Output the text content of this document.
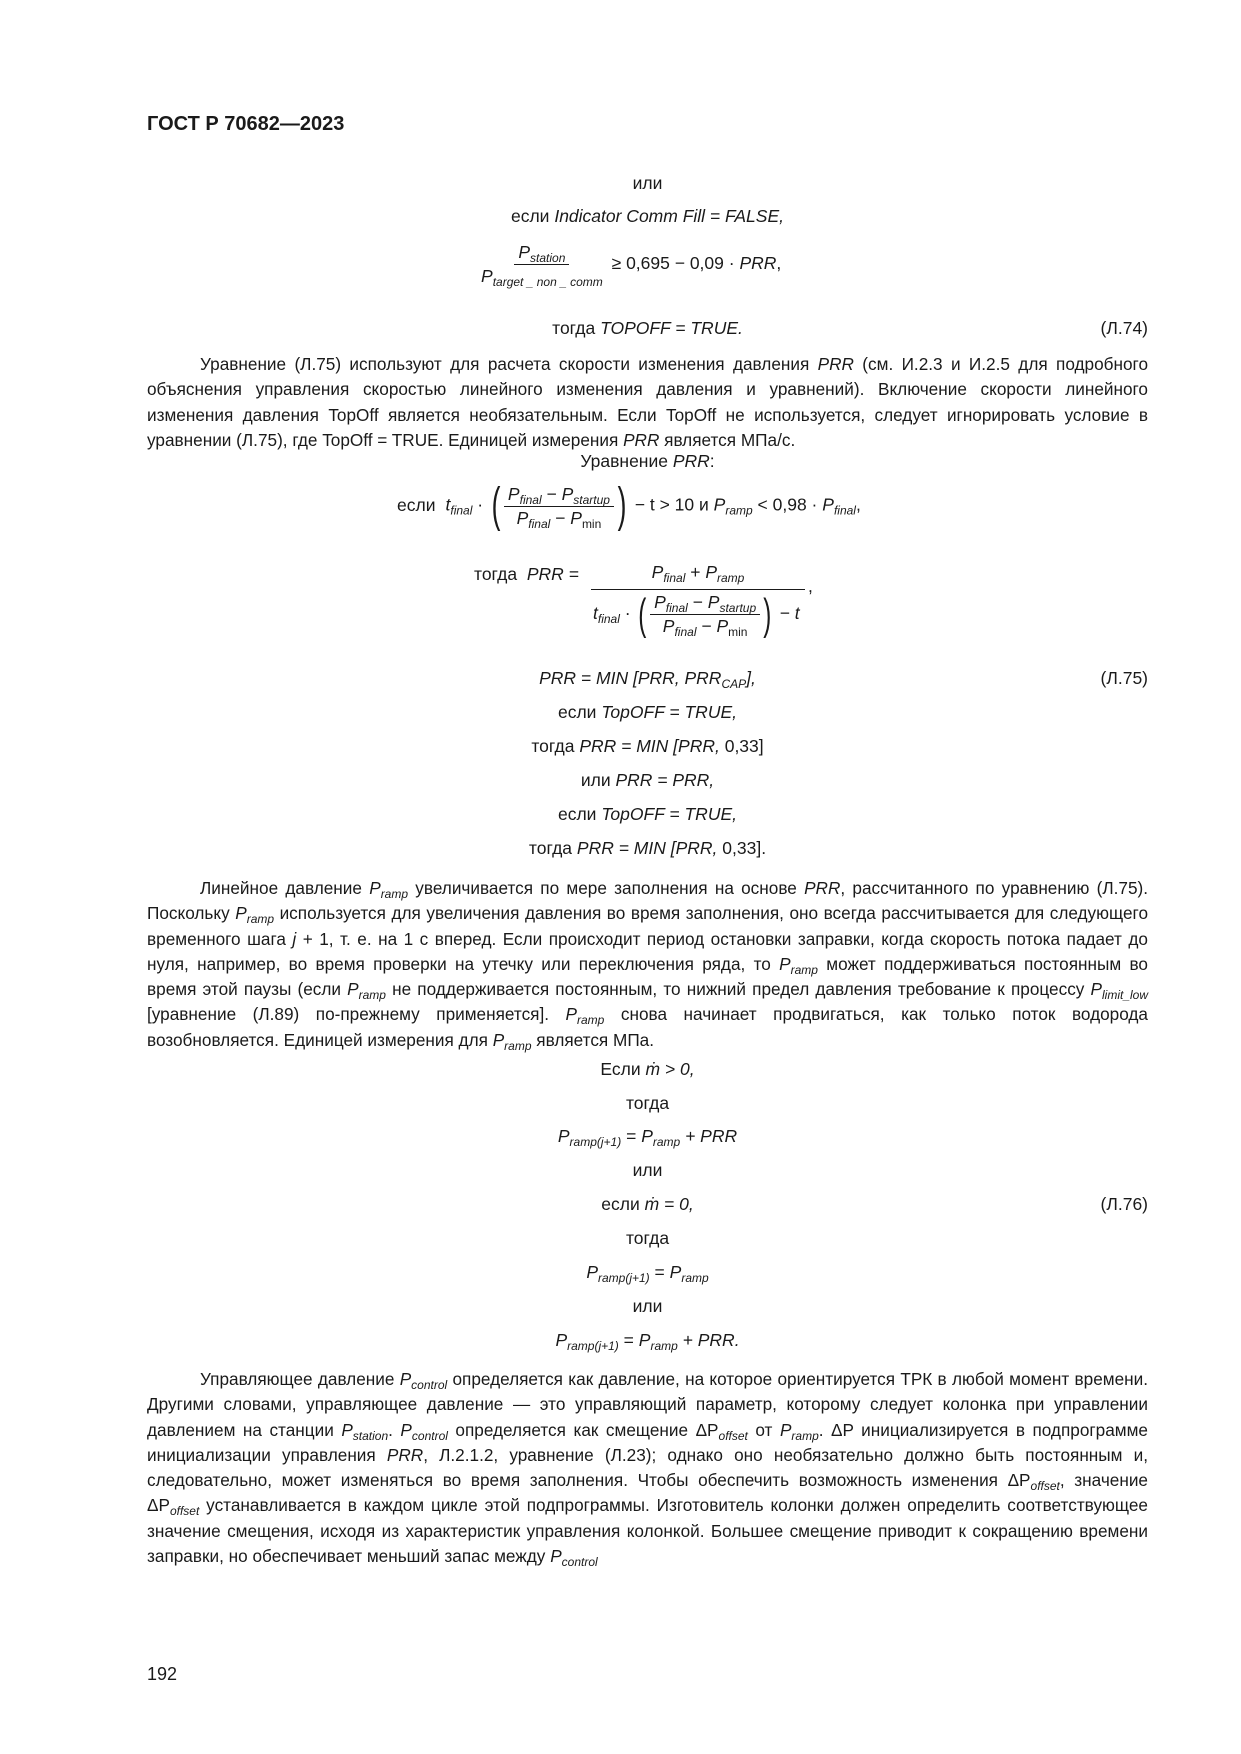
ГОСТ Р 70682—2023
или
если Indicator Comm Fill = FALSE,
$\frac{P_{station}}{P_{target \_ non \_ comm}} \ge 0,695 - 0,09$ · PRR,
тогда TOPOFF = TRUE.	(Л.74)
Уравнение (Л.75) используют для расчета скорости изменения давления PRR (см. И.2.3 и И.2.5 для подробного объяснения управления скоростью линейного изменения давления и уравнений). Включение скорости линейного изменения давления TopOff является необязательным. Если TopOff не используется, следует игнорировать условие в уравнении (Л.75), где TopOff = TRUE. Единицей измерения PRR является МПа/с.
Уравнение PRR:
если $t_{final}$ · ( $\frac{P_{final} - P_{startup}}{P_{final} - P_{min}}$ ) − t > 10 и $P_{ramp} < 0,98 \cdot P_{final}$,
тогда PRR =	$P_{final} + P_{ramp}$	,
$t_{final}$ · ( $\frac{P_{final} - P_{startup}}{P_{final} - P_{min}}$ ) − t
PRR = MIN [PRR, $PRR_{CAP}$],	(Л.75)
если TopOFF = TRUE,
тогда PRR = MIN [PRR, 0,33]
или PRR = PRR,
если TopOFF = TRUE,
тогда PRR = MIN [PRR, 0,33].
Линейное давление $P_{ramp}$ увеличивается по мере заполнения на основе PRR, рассчитанного по уравнению (Л.75). Поскольку $P_{ramp}$ используется для увеличения давления во время заполнения, оно всегда рассчитывается для следующего временного шага j + 1, т. е. на 1 с вперед. Если происходит период остановки заправки, когда скорость потока падает до нуля, например, во время проверки на утечку или переключения ряда, то $P_{ramp}$ может поддерживаться постоянным во время этой паузы (если $P_{ramp}$ не поддерживается постоянным, то нижний предел давления требование к процессу $P_{limit\_low}$ [уравнение (Л.89) по-прежнему применяется]. $P_{ramp}$ снова начинает продвигаться, как только поток водорода возобновляется. Единицей измерения для $P_{ramp}$ является МПа.
Если ṁ > 0,
тогда
$P_{ramp(j+1)} = P_{ramp}$ + PRR
или
если ṁ = 0,	(Л.76)
тогда
$P_{ramp(j+1)} = P_{ramp}$
или
$P_{ramp(j+1)} = P_{ramp}$ + PRR.
Управляющее давление $P_{control}$ определяется как давление, на которое ориентируется ТРК в любой момент времени. Другими словами, управляющее давление — это управляющий параметр, которому следует колонка при управлении давлением на станции $P_{station}$. $P_{control}$ определяется как смещение $\Delta P_{offset}$ от $P_{ramp}$. ΔP инициализируется в подпрограмме инициализации управления PRR, Л.2.1.2, уравнение (Л.23); однако оно необязательно должно быть постоянным и, следовательно, может изменяться во время заполнения. Чтобы обеспечить возможность изменения $\Delta P_{offset}$, значение $\Delta P_{offset}$ устанавливается в каждом цикле этой подпрограммы. Изготовитель колонки должен определить соответствующее значение смещения, исходя из характеристик управления колонкой. Большее смещение приводит к сокращению времени заправки, но обеспечивает меньший запас между $P_{control}$
192
